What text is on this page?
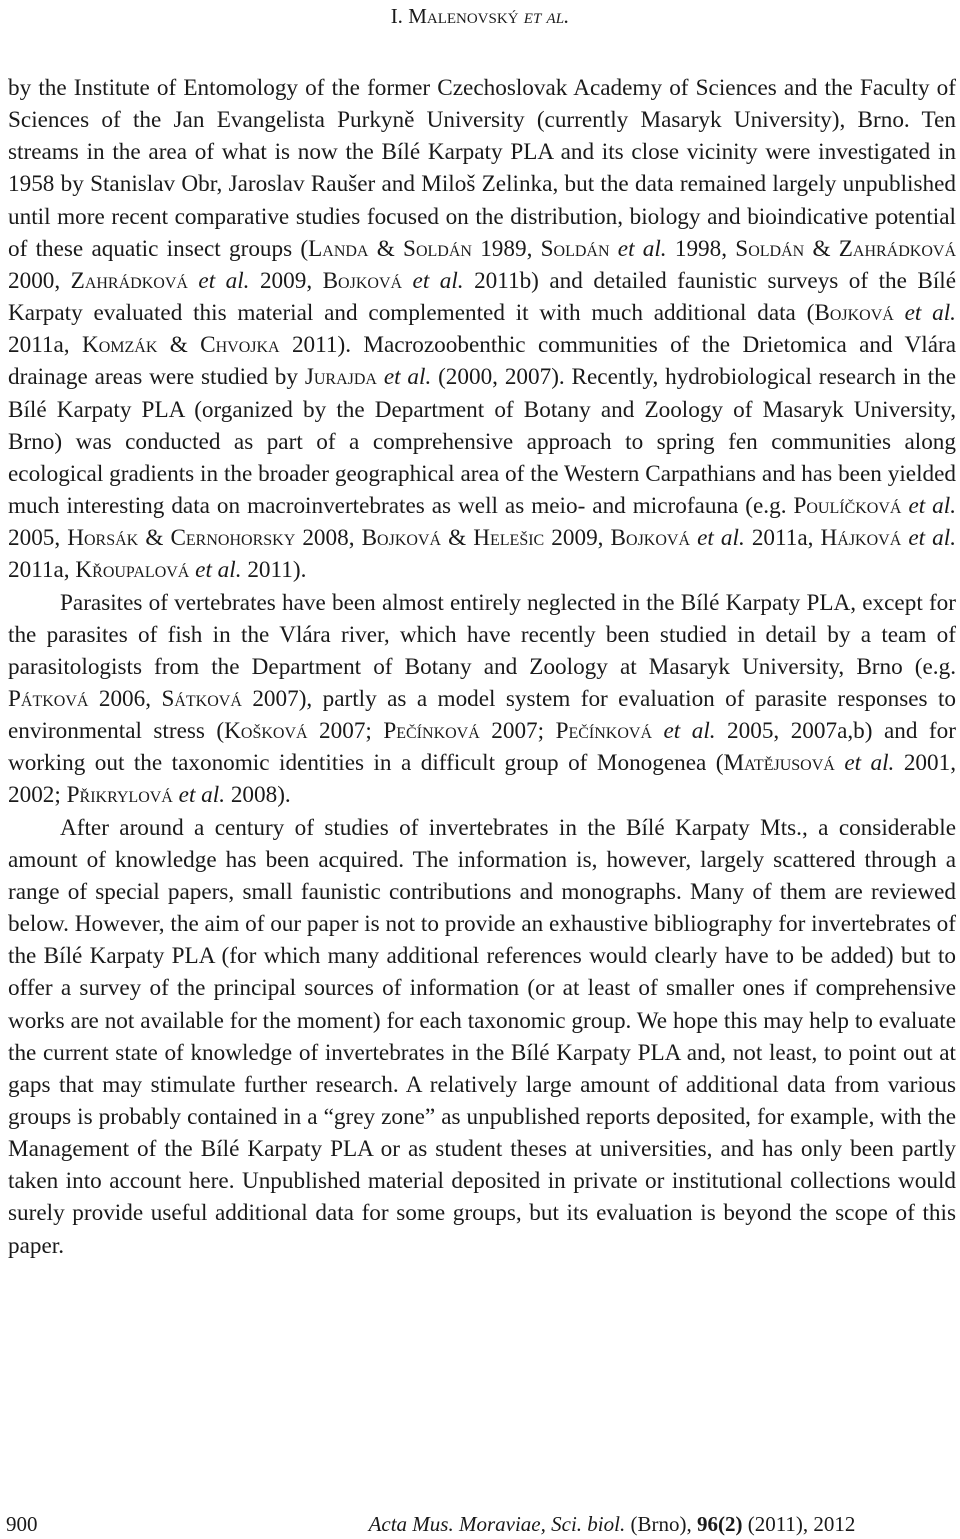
I. Malenovský et al.

by the Institute of Entomology of the former Czechoslovak Academy of Sciences and the Faculty of Sciences of the Jan Evangelista Purkyně University (currently Masaryk University), Brno. Ten streams in the area of what is now the Bílé Karpaty PLA and its close vicinity were investigated in 1958 by Stanislav Obr, Jaroslav Raušer and Miloš Zelinka, but the data remained largely unpublished until more recent comparative studies focused on the distribution, biology and bioindicative potential of these aquatic insect groups (Landa & Soldán 1989, Soldán et al. 1998, Soldán & Zahrádková 2000, Zahrádková et al. 2009, Bojková et al. 2011b) and detailed faunistic surveys of the Bílé Karpaty evaluated this material and complemented it with much additional data (Bojková et al. 2011a, Komzák & Chvojka 2011). Macrozoobenthic communities of the Drietomica and Vlára drainage areas were studied by Jurajda et al. (2000, 2007). Recently, hydrobiological research in the Bílé Karpaty PLA (organized by the Department of Botany and Zoology of Masaryk University, Brno) was conducted as part of a comprehensive approach to spring fen communities along ecological gradients in the broader geographical area of the Western Carpathians and has been yielded much interesting data on macroinvertebrates as well as meio- and microfauna (e.g. Poulíčková et al. 2005, Horsák & Cernohorsky 2008, Bojková & Helešic 2009, Bojková et al. 2011a, Hájková et al. 2011a, Křoupalová et al. 2011).

Parasites of vertebrates have been almost entirely neglected in the Bílé Karpaty PLA, except for the parasites of fish in the Vlára river, which have recently been studied in detail by a team of parasitologists from the Department of Botany and Zoology at Masaryk University, Brno (e.g. Pátková 2006, Sátková 2007), partly as a model system for evaluation of parasite responses to environmental stress (Košková 2007; Pečínková 2007; Pečínková et al. 2005, 2007a,b) and for working out the taxonomic identities in a difficult group of Monogenea (Matějusová et al. 2001, 2002; Přikrylová et al. 2008).

After around a century of studies of invertebrates in the Bílé Karpaty Mts., a considerable amount of knowledge has been acquired. The information is, however, largely scattered through a range of special papers, small faunistic contributions and monographs. Many of them are reviewed below. However, the aim of our paper is not to provide an exhaustive bibliography for invertebrates of the Bílé Karpaty PLA (for which many additional references would clearly have to be added) but to offer a survey of the principal sources of information (or at least of smaller ones if comprehensive works are not available for the moment) for each taxonomic group. We hope this may help to evaluate the current state of knowledge of invertebrates in the Bílé Karpaty PLA and, not least, to point out at gaps that may stimulate further research. A relatively large amount of additional data from various groups is probably contained in a “grey zone” as unpublished reports deposited, for example, with the Management of the Bílé Karpaty PLA or as student theses at universities, and has only been partly taken into account here. Unpublished material deposited in private or institutional collections would surely provide useful additional data for some groups, but its evaluation is beyond the scope of this paper.

900	Acta Mus. Moraviae, Sci. biol. (Brno), 96(2) (2011), 2012
